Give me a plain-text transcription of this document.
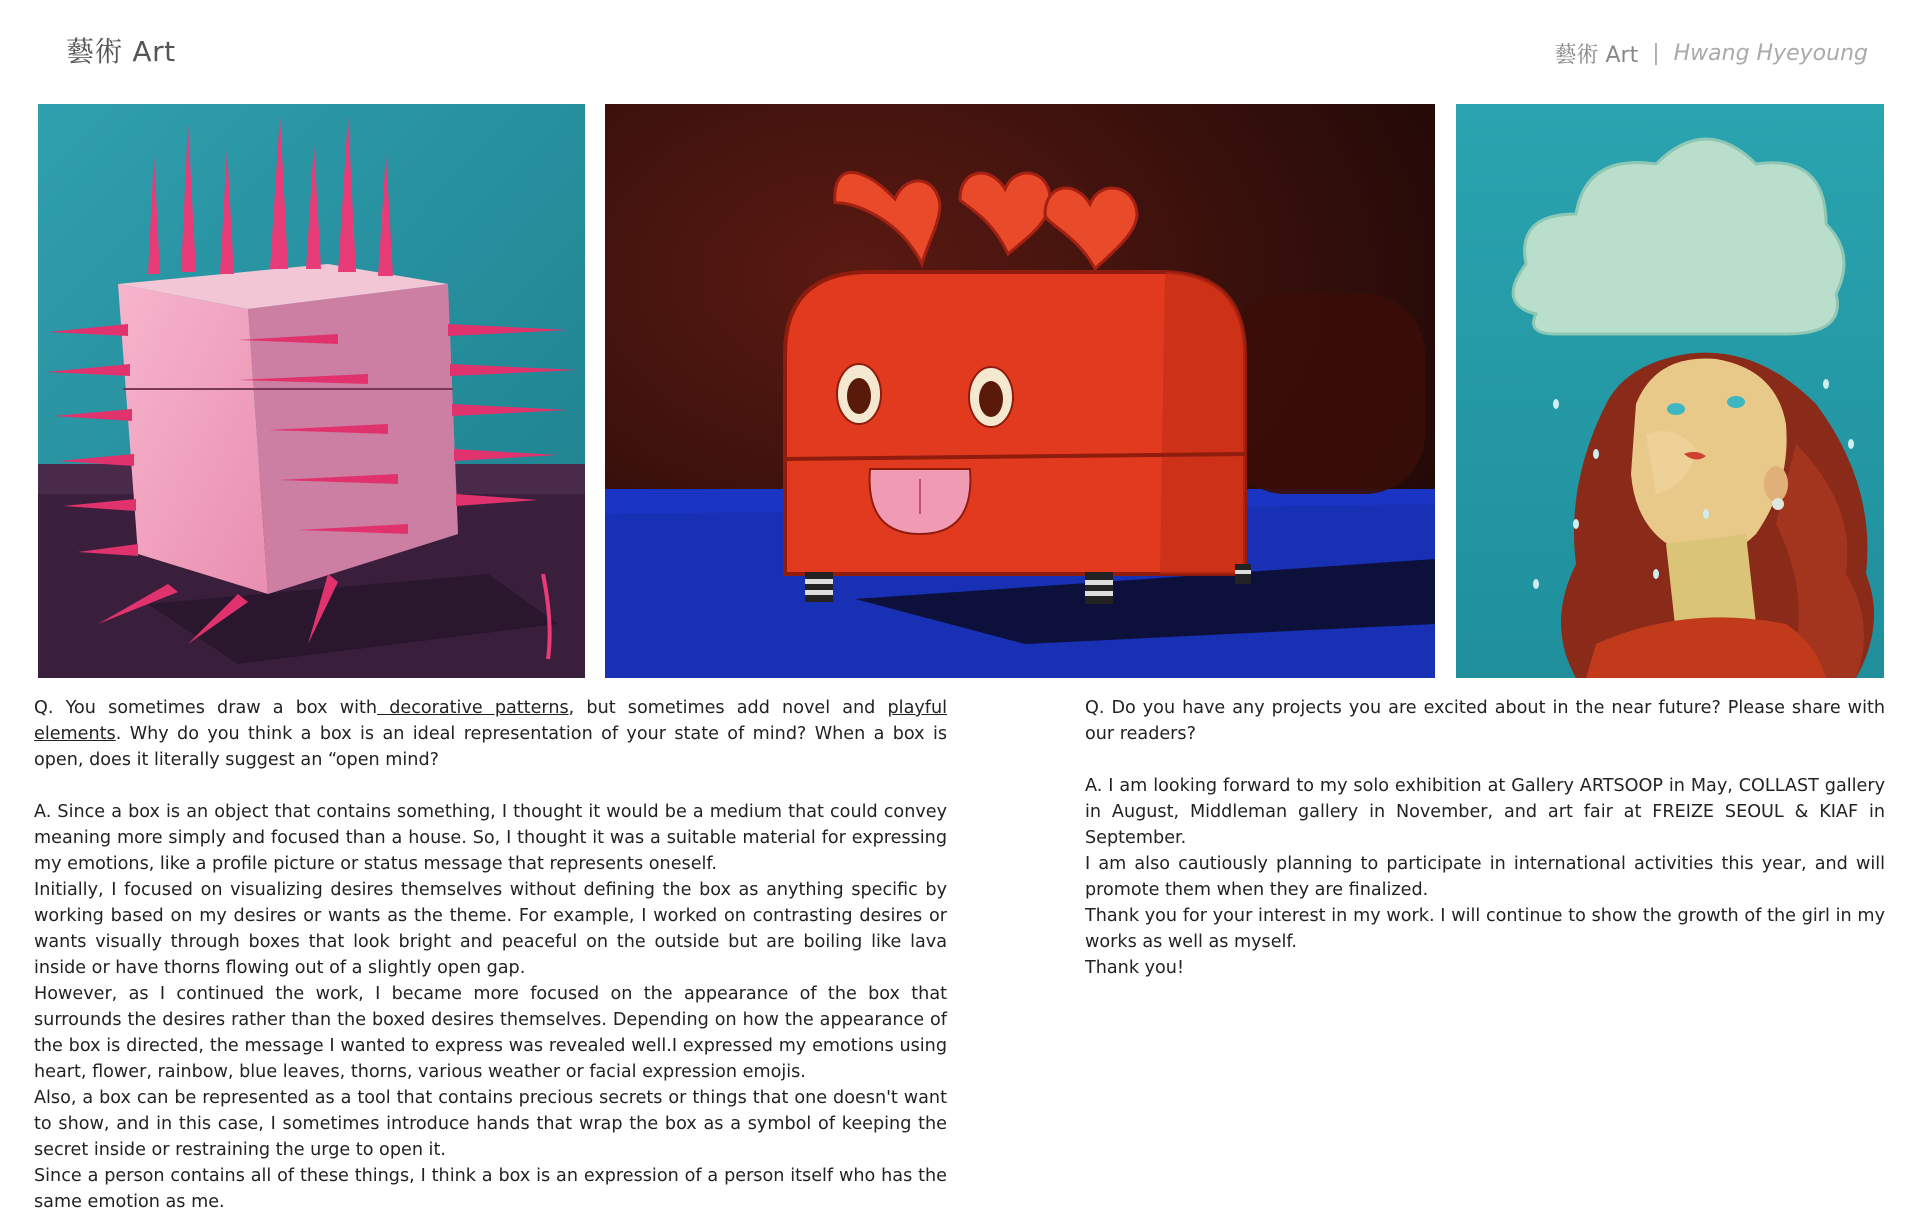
藝術 Art	藝術 Art | Hwang Hyeyoung

Q. You sometimes draw a box with decorative patterns, but sometimes add novel and playful elements. Why do you think a box is an ideal representation of your state of mind? When a box is open, does it literally suggest an “open mind?

A. Since a box is an object that contains something, I thought it would be a medium that could convey meaning more simply and focused than a house. So, I thought it was a suitable material for expressing my emotions, like a profile picture or status message that represents oneself.

Initially, I focused on visualizing desires themselves without defining the box as anything specific by working based on my desires or wants as the theme. For example, I worked on contrasting desires or wants visually through boxes that look bright and peaceful on the outside but are boiling like lava inside or have thorns flowing out of a slightly open gap.

However, as I continued the work, I became more focused on the appearance of the box that surrounds the desires rather than the boxed desires themselves. Depending on how the appearance of the box is directed, the message I wanted to express was revealed well.I expressed my emotions using heart, flower, rainbow, blue leaves, thorns, various weather or facial expression emojis.

Also, a box can be represented as a tool that contains precious secrets or things that one doesn't want to show, and in this case, I sometimes introduce hands that wrap the box as a symbol of keeping the secret inside or restraining the urge to open it.

Since a person contains all of these things, I think a box is an expression of a person itself who has the same emotion as me.

Q. Do you have any projects you are excited about in the near future? Please share with our readers?

A. I am looking forward to my solo exhibition at Gallery ARTSOOP in May, COLLAST gallery in August, Middleman gallery in November, and art fair at FREIZE SEOUL & KIAF in September.

I am also cautiously planning to participate in international activities this year, and will promote them when they are finalized.

Thank you for your interest in my work. I will continue to show the growth of the girl in my works as well as myself.

Thank you!
